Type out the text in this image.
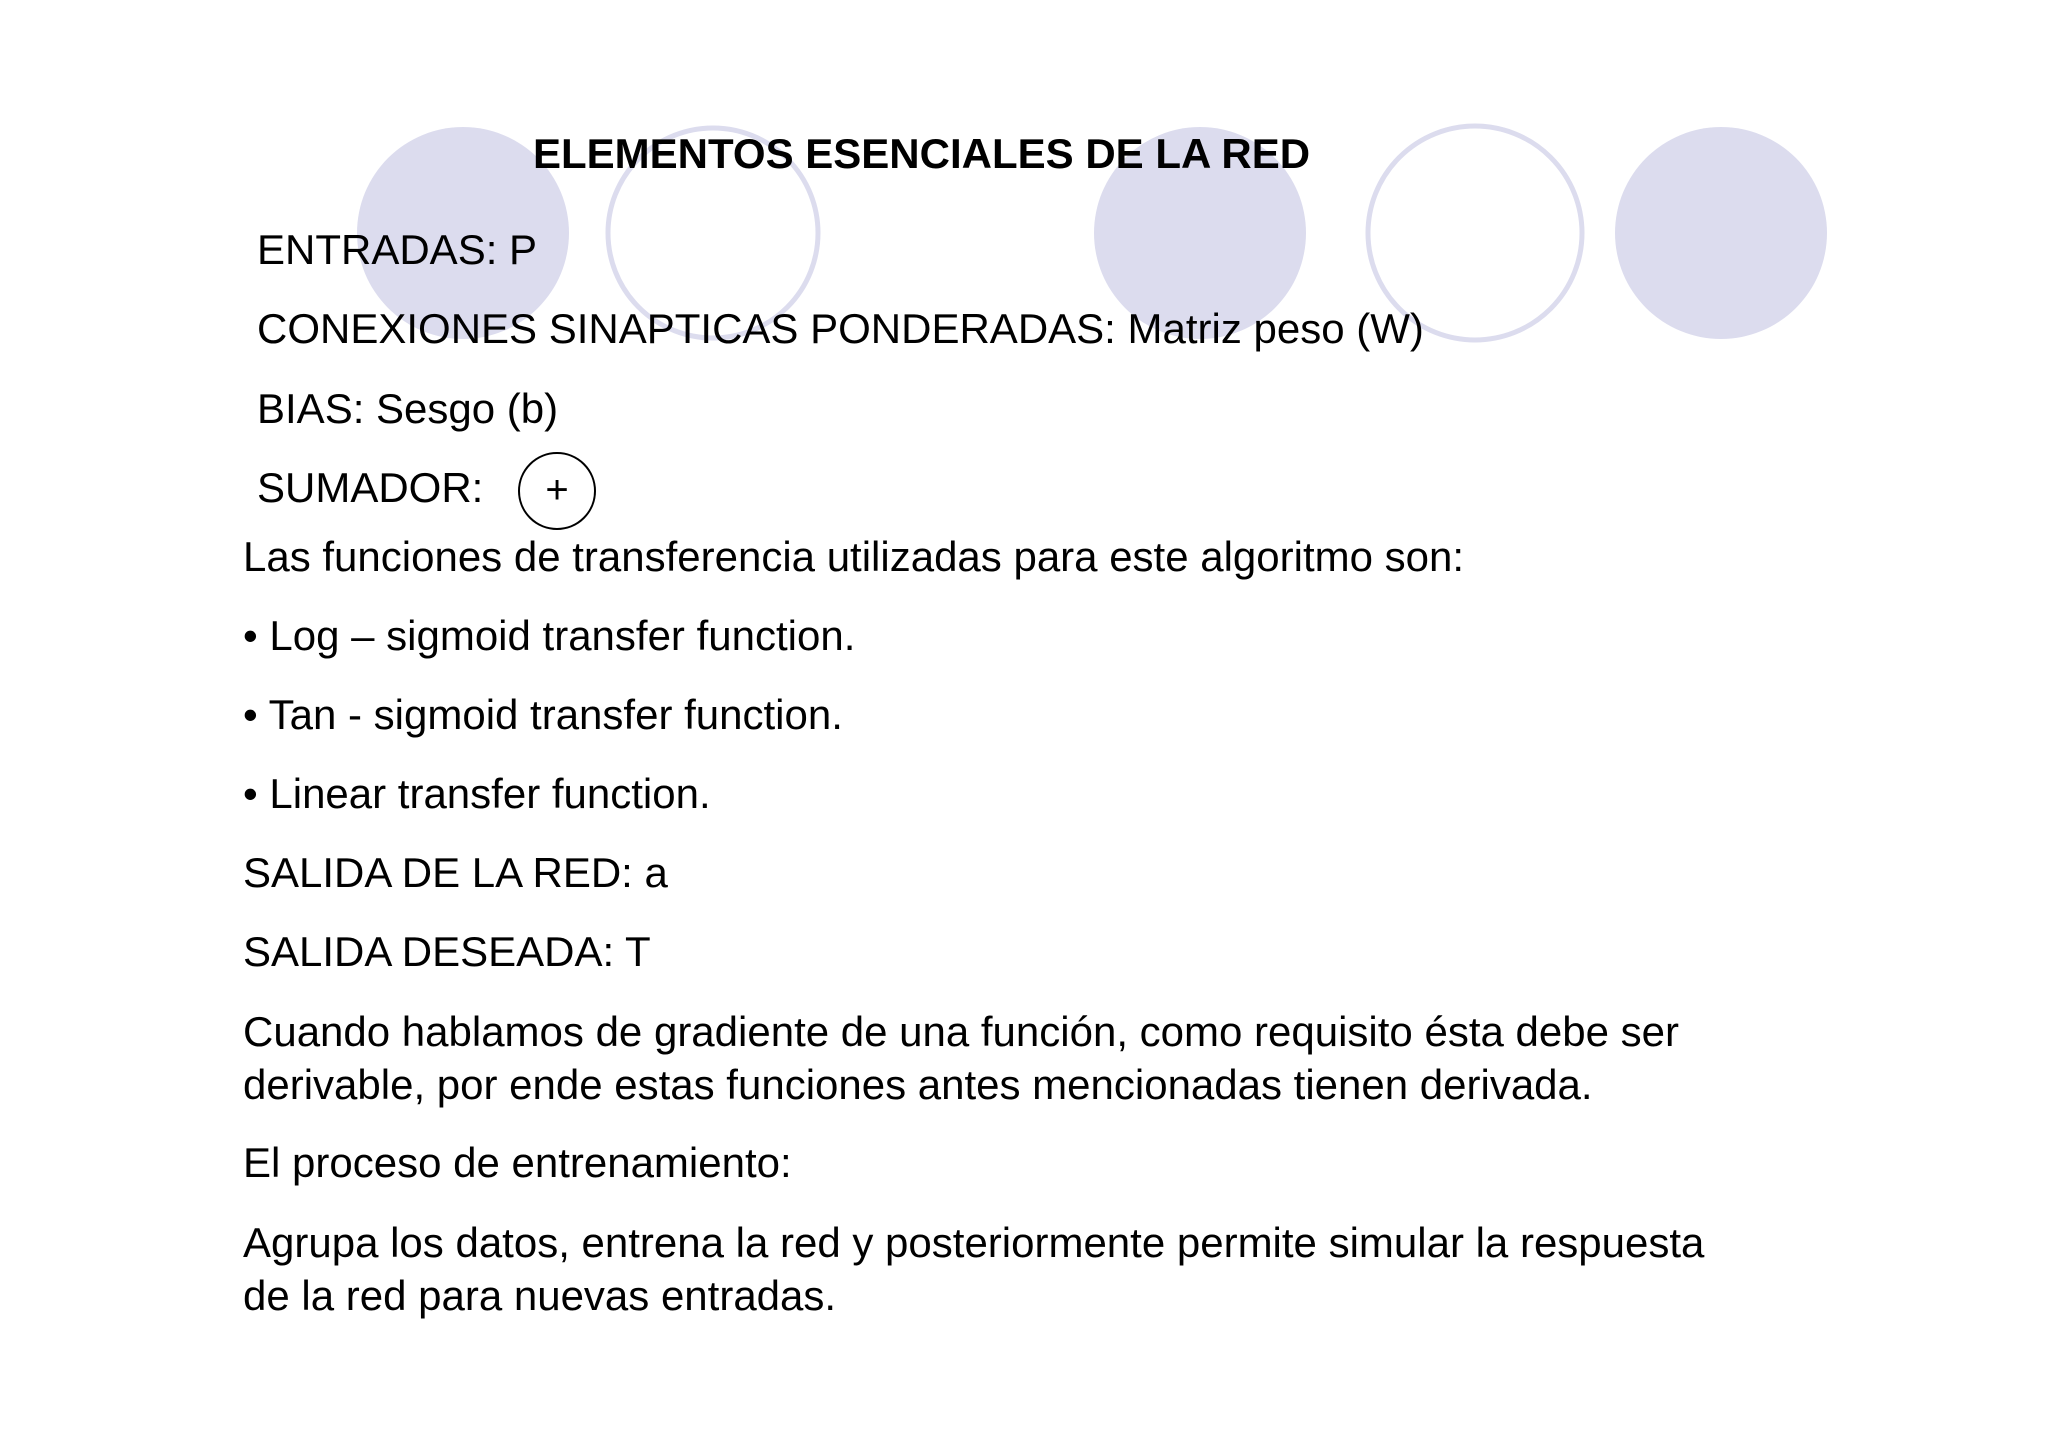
ELEMENTOS ESENCIALES DE LA RED
ENTRADAS: P
CONEXIONES SINAPTICAS PONDERADAS: Matriz peso (W)
BIAS: Sesgo (b)
SUMADOR:	+
Las funciones de transferencia utilizadas para este algoritmo son:
• Log – sigmoid transfer function.
• Tan - sigmoid transfer function.
• Linear transfer function.
SALIDA DE LA RED: a
SALIDA DESEADA: T
Cuando hablamos de gradiente de una función, como requisito ésta debe ser
derivable, por ende estas funciones antes mencionadas tienen derivada.
El proceso de entrenamiento:
Agrupa los datos, entrena la red y posteriormente permite simular la respuesta
de la red para nuevas entradas.
